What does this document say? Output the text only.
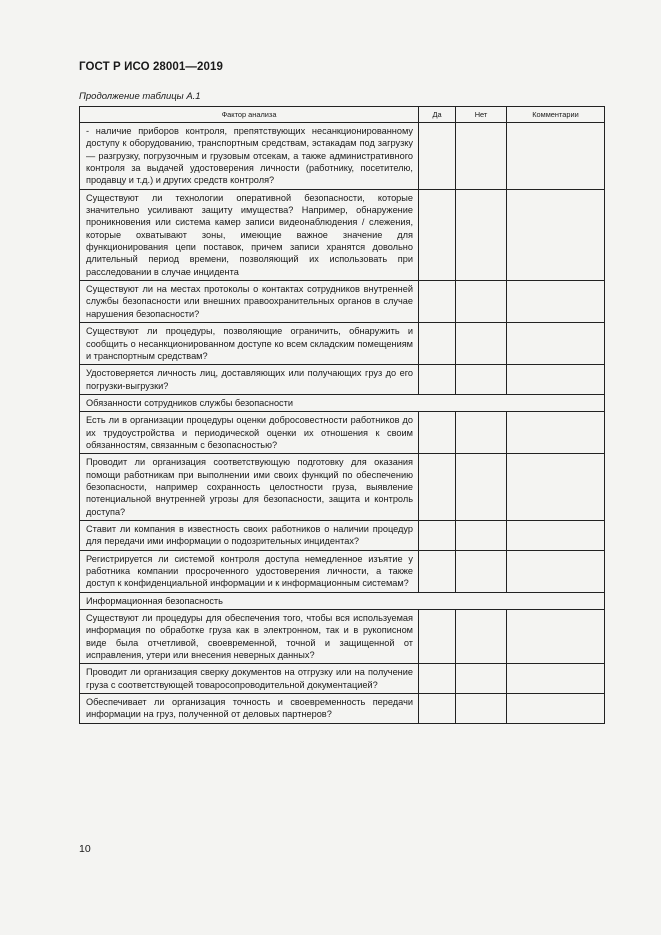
ГОСТ Р ИСО 28001—2019
Продолжение таблицы А.1
Фактор анализа	Да	Нет	Комментарии
- наличие приборов контроля, препятствующих несанкционированному доступу к оборудованию, транспортным средствам, эстакадам под загрузку — разгрузку, погрузочным и грузовым отсекам, а также административного контроля за выдачей удостоверения личности (работнику, посетителю, продавцу и т.д.) и других средств контроля?			
Существуют ли технологии оперативной безопасности, которые значительно усиливают защиту имущества? Например, обнаружение проникновения или система камер записи видеонаблюдения / слежения, которые охватывают зоны, имеющие важное значение для функционирования цепи поставок, причем записи хранятся довольно длительный период времени, позволяющий их использовать при расследовании в случае инцидента			
Существуют ли на местах протоколы о контактах сотрудников внутренней службы безопасности или внешних правоохранительных органов в случае нарушения безопасности?			
Существуют ли процедуры, позволяющие ограничить, обнаружить и сообщить о несанкционированном доступе ко всем складским помещениям и транспортным средствам?			
Удостоверяется личность лиц, доставляющих или получающих груз до его погрузки-выгрузки?			
Обязанности сотрудников службы безопасности			
Есть ли в организации процедуры оценки добросовестности работников до их трудоустройства и периодической оценки их отношения к своим обязанностям, связанным с безопасностью?			
Проводит ли организация соответствующую подготовку для оказания помощи работникам при выполнении ими своих функций по обеспечению безопасности, например сохранность целостности груза, выявление потенциальной внутренней угрозы для безопасности, защита и контроль доступа?			
Ставит ли компания в известность своих работников о наличии процедур для передачи ими информации о подозрительных инцидентах?			
Регистрируется ли системой контроля доступа немедленное изъятие у работника компании просроченного удостоверения личности, а также доступ к конфиденциальной информации и к информационным системам?			
Информационная безопасность			
Существуют ли процедуры для обеспечения того, чтобы вся используемая информация по обработке груза как в электронном, так и в рукописном виде была отчетливой, своевременной, точной и защищенной от исправления, утери или внесения неверных данных?			
Проводит ли организация сверку документов на отгрузку или на получение груза с соответствующей товаросопроводительной документацией?			
Обеспечивает ли организация точность и своевременность передачи информации на груз, полученной от деловых партнеров?			
10
